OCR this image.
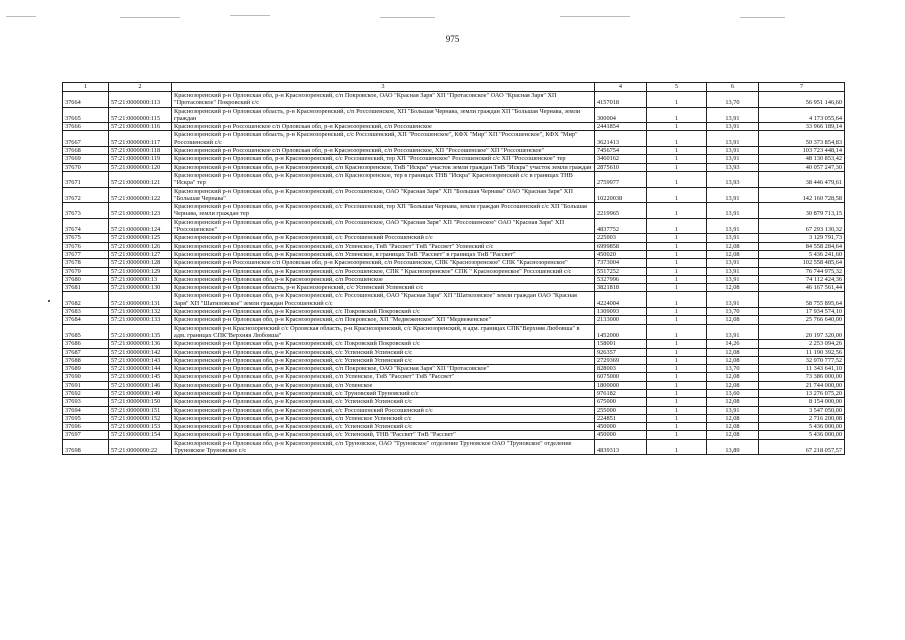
975
1	2	3	4	5	6	7
37664	57:21:0000000:113	Краснозоренский р-н Орловская обл, р-н Краснозоренский, с/п Покровское, ОАО "Красная Заря" ХП "Протасовское" ОАО "Красная Заря" ХП "Протасовское" Покровский с/с	4157018	1	13,70	56 951 146,60
37665	57:21:0000000:115	Краснозоренский р-н Орловская область, р-н Краснозоренский, с/п Россошенское, ХП "Большая Чернава, земли граждан ХП "Большая Чернава, земли граждан	300004	1	13,91	4 173 055,64
37666	57:21:0000000:116	Краснозоренский р-н Россошенское с/п Орловская обл, р-н Краснозоренский, с/п Россошенское	2441854	1	13,91	33 966 189,14
37667	57:21:0000000:117	Краснозоренский р-н Орловская область, р-н Краснозоренский, с/с Россошенский, ХП "Россошенское", КФХ "Мир" ХП "Россошенское", КФХ "Мир" Россошенский с/с	3621413	1	13,91	50 373 854,83
37668	57:21:0000000:118	Краснозоренский р-н Россошенское с/п Орловская обл, р-н Краснозоренский, с/п Россошенское, ХП "Россошенское" ХП "Россошенское"	7456754	1	13,91	103 723 448,14
37669	57:21:0000000:119	Краснозоренский р-н Орловская обл, р-н Краснозоренский, с/с Россошенский, тер ХП "Россошенское" Россошенский с/с ХП "Россошенское" тер	3460162	1	13,91	48 130 853,42
37670	57:21:0000000:120	Краснозоренский р-н Орловская обл, р-н Краснозоренский, с/п Краснозоренское, ТнВ "Искра" участок земли граждан ТнВ "Искра" участок земли граждан	2875610	1	13,93	40 057 247,30
37671	57:21:0000000:121	Краснозоренский р-н Орловская обл, р-н Краснозоренский, с/п Краснозоренское, тер в границах ТНВ "Искра" Краснозоренский с/с в границах ТНВ "Искра" тер	2759977	1	13,93	38 446 479,61
37672	57:21:0000000:122	Краснозоренский р-н Орловская обл, р-н Краснозоренский, с/п Россошенское, ОАО "Красная Заря" ХП "Большая Чернава" ОАО "Красная Заря" ХП "Большая Чернава"	10220038	1	13,91	142 160 728,58
37673	57:21:0000000:123	Краснозоренский р-н Орловская обл, р-н Краснозоренский, с/с Россошенский, тер ХП "Большая Чернава, земли граждан Россошенский с/с ХП "Большая Чернава, земли граждан тер	2219965	1	13,91	30 879 713,15
37674	57:21:0000000:124	Краснозоренский р-н Орловская обл, р-н Краснозоренский, с/п Россошенское, ОАО "Красная Заря" ХП "Россошенское" ОАО "Красная Заря" ХП "Россошенское"	4837752	1	13,91	67 293 130,32
37675	57:21:0000000:125	Краснозоренский р-н Орловская обл, р-н Краснозоренский, с/с Россошенский Россошенский с/с	225003	1	13,91	3 129 791,73
37676	57:21:0000000:126	Краснозоренский р-н Орловская обл, р-н Краснозоренский, с/п Успенское, ТнВ "Рассвет" ТнВ "Рассвет" Успенский с/с	6999858	1	12,08	84 558 284,64
37677	57:21:0000000:127	Краснозоренский р-н Орловская обл, р-н Краснозоренский, с/п Успенское, в границах ТнВ "Рассвет" в границах ТнВ "Рассвет"	450020	1	12,08	5 436 241,60
37678	57:21:0000000:128	Краснозоренский р-н Россошенское с/п Орловская обл, р-н Краснозоренский, с/п Россошенское, СПК "Краснозоренское" СПК "Краснозоренское"	7373004	1	13,91	102 558 485,64
37679	57:21:0000000:129	Краснозоренский р-н Орловская обл, р-н Краснозоренский, с/п Россошенское, СПК " Краснозоренское" СПК " Краснозоренское" Россошенский с/с	5517252	1	13,91	76 744 975,32
37680	57:21:0000000:13	Краснозоренский р-н Орловская обл, р-н Краснозоренский, с/п Россошенское	5327996	1	13,91	74 112 424,36
37681	57:21:0000000:130	Краснозоренский р-н Орловская область, р-н Краснозоренский, с/с Успенский Успенский с/с	3821818	1	12,08	46 167 561,44
37682	57:21:0000000:131	Краснозоренский р-н Орловская обл, р-н Краснозоренский, с/с Россошенский, ОАО "Красная Заря" ХП "Шатиловское" земли граждан ОАО "Красная Заря" ХП "Шатиловское" земли граждан Россошенский с/с	4224004	1	13,91	58 755 895,64
37683	57:21:0000000:132	Краснозоренский р-н Орловская обл, р-н Краснозоренский, с/с Покровский Покровский с/с	1309093	1	13,70	17 934 574,10
37684	57:21:0000000:133	Краснозоренский р-н Орловская обл, р-н Краснозоренский, с/п Покровское, ХП "Медвеженское" ХП "Медвеженское"	2133000	1	12,08	25 766 640,00
37685	57:21:0000000:135	Краснозоренский р-н Краснозоренский с/с Орловская область, р-н Краснозоренский, с/с Краснозоренский, в адм. границах СПК"Верхняя Любовша" в адм. границах СПК"Верхняя Любовша"	1452000	1	13,91	20 197 320,00
37686	57:21:0000000:136	Краснозоренский р-н Орловская обл, р-н Краснозоренский, с/с Покровский Покровский с/с	158001	1	14,26	2 253 094,26
37687	57:21:0000000:142	Краснозоренский р-н Орловская обл, р-н Краснозоренский, с/с Успенский Успенский с/с	926357	1	12,08	11 190 392,56
37688	57:21:0000000:143	Краснозоренский р-н Орловская обл, р-н Краснозоренский, с/с Успенский Успенский с/с	2729369	1	12,08	32 970 777,52
37689	57:21:0000000:144	Краснозоренский р-н Орловская обл, р-н Краснозоренский, с/п Покровское, ОАО "Красная Заря" ХП "Протасовское"	828003	1	13,70	11 343 641,10
37690	57:21:0000000:145	Краснозоренский р-н Орловская обл, р-н Краснозоренский, с/п Успенское, ТнВ "Рассвет" ТнВ "Рассвет"	6075000	1	12,08	73 386 000,00
37691	57:21:0000000:146	Краснозоренский р-н Орловская обл, р-н Краснозоренский, с/п Успенское	1800000	1	12,08	21 744 000,00
37692	57:21:0000000:149	Краснозоренский р-н Орловская обл, р-н Краснозоренский, с/с Труновский Труновский с/с	976182	1	13,60	13 276 075,20
37693	57:21:0000000:150	Краснозоренский р-н Орловская обл, р-н Краснозоренский, с/с Успенский Успенский с/с	675000	1	12,08	8 154 000,00
37694	57:21:0000000:151	Краснозоренский р-н Орловская обл, р-н Краснозоренский, с/с Россошенский Россошенский с/с	255000	1	13,91	3 547 050,00
37695	57:21:0000000:152	Краснозоренский р-н Орловская обл, р-н Краснозоренский, с/п Успенское Успенский с/с	224851	1	12,08	2 716 200,08
37696	57:21:0000000:153	Краснозоренский р-н Орловская обл, р-н Краснозоренский, с/с Успенский Успенский с/с	450000	1	12,08	5 436 000,00
37697	57:21:0000000:154	Краснозоренский р-н Орловская обл, р-н Краснозоренский, с/с Успенский, ТНВ "Рассвет" ТнВ "Рассвет"	450000	1	12,08	5 436 000,00
37698	57:21:0000000:22	Краснозоренский р-н Орловская обл, р-н Краснозоренский, с/п Труновское, ОАО "Труновское" отделение Труновское ОАО "Труновское" отделение Труновское Труновское с/с	4839313	1	13,89	67 218 057,57
